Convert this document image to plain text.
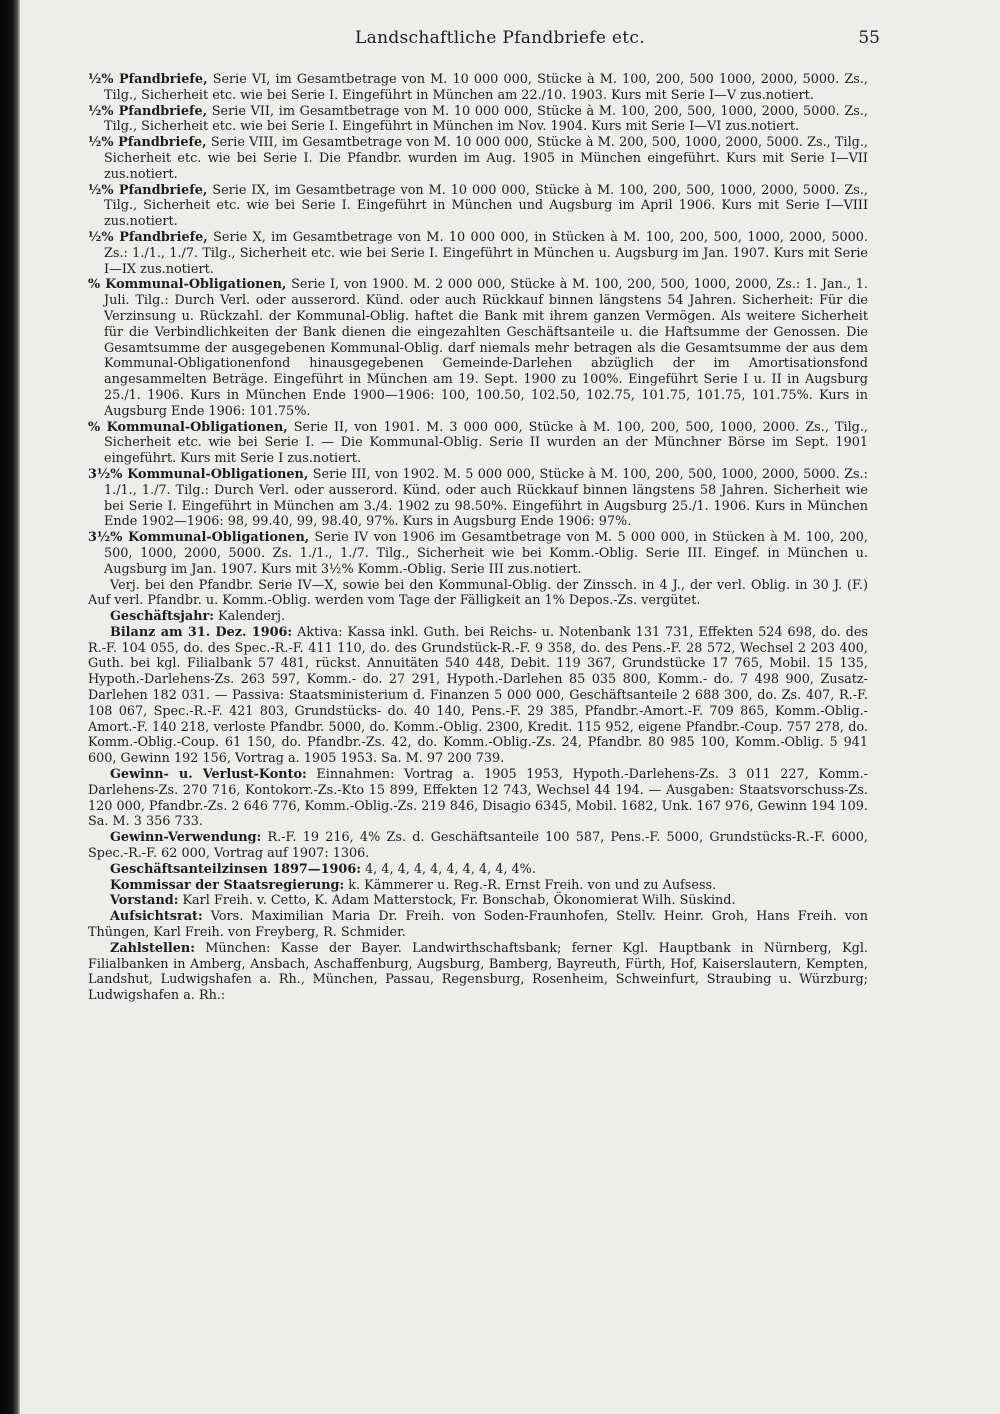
Landschaftliche Pfandbriefe etc.	55
½% Pfandbriefe, Serie VI, im Gesamtbetrage von M. 10 000 000, Stücke à M. 100, 200, 500 1000, 2000, 5000. Zs., Tilg., Sicherheit etc. wie bei Serie I. Eingeführt in München am 22./10. 1903. Kurs mit Serie I—V zus.notiert.
½% Pfandbriefe, Serie VII, im Gesamtbetrage von M. 10 000 000, Stücke à M. 100, 200, 500, 1000, 2000, 5000. Zs., Tilg., Sicherheit etc. wie bei Serie I. Eingeführt in München im Nov. 1904. Kurs mit Serie I—VI zus.notiert.
½% Pfandbriefe, Serie VIII, im Gesamtbetrage von M. 10 000 000, Stücke à M. 200, 500, 1000, 2000, 5000. Zs., Tilg., Sicherheit etc. wie bei Serie I. Die Pfandbr. wurden im Aug. 1905 in München eingeführt. Kurs mit Serie I—VII zus.notiert.
½% Pfandbriefe, Serie IX, im Gesamtbetrage von M. 10 000 000, Stücke à M. 100, 200, 500, 1000, 2000, 5000. Zs., Tilg., Sicherheit etc. wie bei Serie I. Eingeführt in München und Augsburg im April 1906. Kurs mit Serie I—VIII zus.notiert.
½% Pfandbriefe, Serie X, im Gesamtbetrage von M. 10 000 000, in Stücken à M. 100, 200, 500, 1000, 2000, 5000. Zs.: 1./1., 1./7. Tilg., Sicherheit etc. wie bei Serie I. Eingeführt in München u. Augsburg im Jan. 1907. Kurs mit Serie I—IX zus.notiert.
% Kommunal-Obligationen, Serie I, von 1900. M. 2 000 000, Stücke à M. 100, 200, 500, 1000, 2000, Zs.: 1. Jan., 1. Juli. Tilg.: Durch Verl. oder ausserord. Künd. oder auch Rückkauf binnen längstens 54 Jahren. Sicherheit: Für die Verzinsung u. Rückzahl. der Kommunal-Oblig. haftet die Bank mit ihrem ganzen Vermögen. Als weitere Sicherheit für die Verbindlichkeiten der Bank dienen die eingezahlten Geschäftsanteile u. die Haftsumme der Genossen. Die Gesamtsumme der ausgegebenen Kommunal-Oblig. darf niemals mehr betragen als die Gesamtsumme der aus dem Kommunal-Obligationenfond hinausgegebenen Gemeinde-Darlehen abzüglich der im Amortisationsfond angesammelten Beträge. Eingeführt in München am 19. Sept. 1900 zu 100%. Eingeführt Serie I u. II in Augsburg 25./1. 1906. Kurs in München Ende 1900—1906: 100, 100.50, 102.50, 102.75, 101.75, 101.75, 101.75%. Kurs in Augsburg Ende 1906: 101.75%.
% Kommunal-Obligationen, Serie II, von 1901. M. 3 000 000, Stücke à M. 100, 200, 500, 1000, 2000. Zs., Tilg., Sicherheit etc. wie bei Serie I. — Die Kommunal-Oblig. Serie II wurden an der Münchner Börse im Sept. 1901 eingeführt. Kurs mit Serie I zus.notiert.
3½% Kommunal-Obligationen, Serie III, von 1902. M. 5 000 000, Stücke à M. 100, 200, 500, 1000, 2000, 5000. Zs.: 1./1., 1./7. Tilg.: Durch Verl. oder ausserord. Künd. oder auch Rückkauf binnen längstens 58 Jahren. Sicherheit wie bei Serie I. Eingeführt in München am 3./4. 1902 zu 98.50%. Eingeführt in Augsburg 25./1. 1906. Kurs in München Ende 1902—1906: 98, 99.40, 99, 98.40, 97%. Kurs in Augsburg Ende 1906: 97%.
3½% Kommunal-Obligationen, Serie IV von 1906 im Gesamtbetrage von M. 5 000 000, in Stücken à M. 100, 200, 500, 1000, 2000, 5000. Zs. 1./1., 1./7. Tilg., Sicherheit wie bei Komm.-Oblig. Serie III. Eingef. in München u. Augsburg im Jan. 1907. Kurs mit 3½% Komm.-Oblig. Serie III zus.notiert.
Verj. bei den Pfandbr. Serie IV—X, sowie bei den Kommunal-Oblig. der Zinssch. in 4 J., der verl. Oblig. in 30 J. (F.) Auf verl. Pfandbr. u. Komm.-Oblig. werden vom Tage der Fälligkeit an 1% Depos.-Zs. vergütet.
Geschäftsjahr: Kalenderj.
Bilanz am 31. Dez. 1906: Aktiva: Kassa inkl. Guth. bei Reichs- u. Notenbank 131 731, Effekten 524 698, do. des R.-F. 104 055, do. des Spec.-R.-F. 411 110, do. des Grundstück-R.-F. 9 358, do. des Pens.-F. 28 572, Wechsel 2 203 400, Guth. bei kgl. Filialbank 57 481, rückst. Annuitäten 540 448, Debit. 119 367, Grundstücke 17 765, Mobil. 15 135, Hypoth.-Darlehens-Zs. 263 597, Komm.- do. 27 291, Hypoth.-Darlehen 85 035 800, Komm.- do. 7 498 900, Zusatz-Darlehen 182 031. — Passiva: Staatsministerium d. Finanzen 5 000 000, Geschäftsanteile 2 688 300, do. Zs. 407, R.-F. 108 067, Spec.-R.-F. 421 803, Grundstücks- do. 40 140, Pens.-F. 29 385, Pfandbr.-Amort.-F. 709 865, Komm.-Oblig.-Amort.-F. 140 218, verloste Pfandbr. 5000, do. Komm.-Oblig. 2300, Kredit. 115 952, eigene Pfandbr.-Coup. 757 278, do. Komm.-Oblig.-Coup. 61 150, do. Pfandbr.-Zs. 42, do. Komm.-Oblig.-Zs. 24, Pfandbr. 80 985 100, Komm.-Oblig. 5 941 600, Gewinn 192 156, Vortrag a. 1905 1953. Sa. M. 97 200 739.
Gewinn- u. Verlust-Konto: Einnahmen: Vortrag a. 1905 1953, Hypoth.-Darlehens-Zs. 3 011 227, Komm.-Darlehens-Zs. 270 716, Kontokorr.-Zs.-Kto 15 899, Effekten 12 743, Wechsel 44 194. — Ausgaben: Staatsvorschuss-Zs. 120 000, Pfandbr.-Zs. 2 646 776, Komm.-Oblig.-Zs. 219 846, Disagio 6345, Mobil. 1682, Unk. 167 976, Gewinn 194 109. Sa. M. 3 356 733.
Gewinn-Verwendung: R.-F. 19 216, 4% Zs. d. Geschäftsanteile 100 587, Pens.-F. 5000, Grundstücks-R.-F. 6000, Spec.-R.-F. 62 000, Vortrag auf 1907: 1306.
Geschäftsanteilzinsen 1897—1906: 4, 4, 4, 4, 4, 4, 4, 4, 4, 4%.
Kommissar der Staatsregierung: k. Kämmerer u. Reg.-R. Ernst Freih. von und zu Aufsess.
Vorstand: Karl Freih. v. Cetto, K. Adam Matterstock, Fr. Bonschab, Ökonomierat Wilh. Süskind.
Aufsichtsrat: Vors. Maximilian Maria Dr. Freih. von Soden-Fraunhofen, Stellv. Heinr. Groh, Hans Freih. von Thüngen, Karl Freih. von Freyberg, R. Schmider.
Zahlstellen: München: Kasse der Bayer. Landwirthschaftsbank; ferner Kgl. Hauptbank in Nürnberg, Kgl. Filialbanken in Amberg, Ansbach, Aschaffenburg, Augsburg, Bamberg, Bayreuth, Fürth, Hof, Kaiserslautern, Kempten, Landshut, Ludwigshafen a. Rh., München, Passau, Regensburg, Rosenheim, Schweinfurt, Straubing u. Würzburg; Ludwigshafen a. Rh.:
